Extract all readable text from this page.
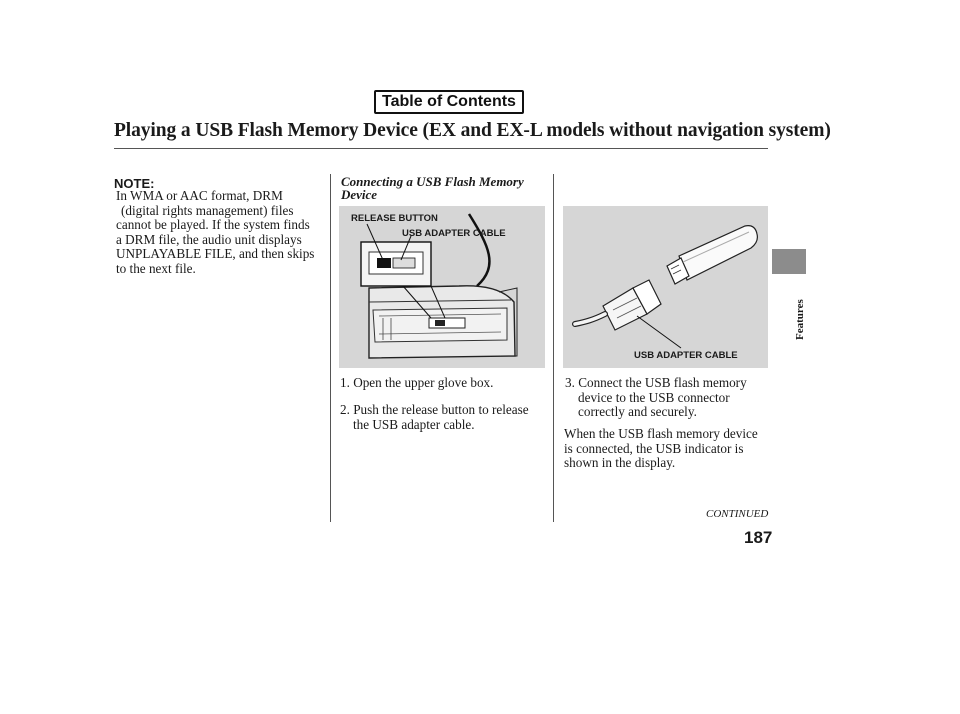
Table of Contents
Playing a USB Flash Memory Device (EX and EX-L models without navigation system)
NOTE:
In WMA or AAC format, DRM
(digital rights management) files
cannot be played. If the system finds
a DRM file, the audio unit displays
UNPLAYABLE FILE, and then skips
to the next file.
Connecting a USB Flash Memory
Device
RELEASE BUTTON
USB ADAPTER CABLE
1. Open the upper glove box.
2. Push the release button to release
the USB adapter cable.
USB ADAPTER CABLE
3. Connect the USB flash memory
device to the USB connector
correctly and securely.
When the USB flash memory device
is connected, the USB indicator is
shown in the display.
CONTINUED
187
Features
